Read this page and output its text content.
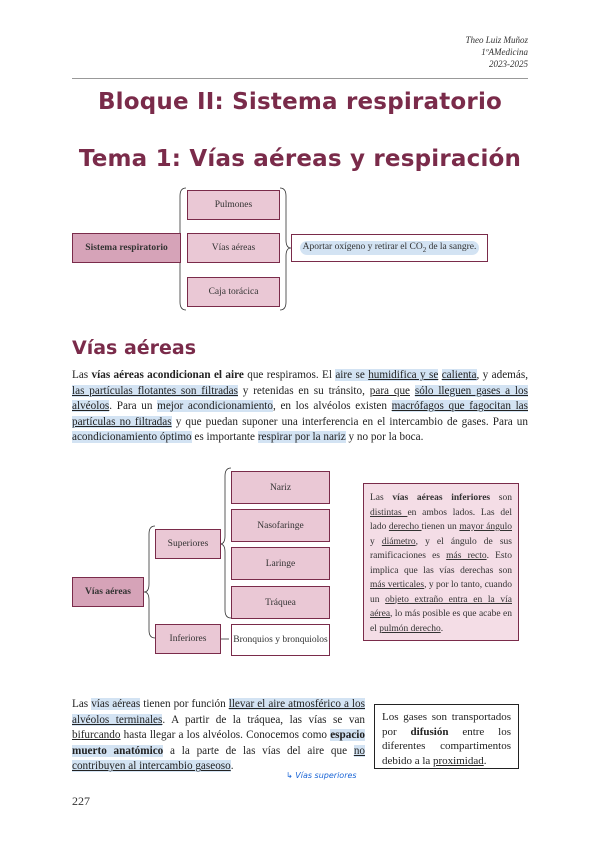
Theo Luiz Muñoz
1ºAMedicina
2023-2025
Bloque II: Sistema respiratorio
Tema 1: Vías aéreas y respiración
Sistema respiratorio
Pulmones
Vías aéreas
Caja torácica
Aportar oxígeno y retirar el $CO_2$ de la sangre.
Vías aéreas
Las vías aéreas acondicionan el aire que respiramos. El aire se humidifica y se calienta, y además, las partículas flotantes son filtradas y retenidas en su tránsito, para que sólo lleguen gases a los alvéolos. Para un mejor acondicionamiento, en los alvéolos existen macrófagos que fagocitan las partículas no filtradas y que puedan suponer una interferencia en el intercambio de gases. Para un acondicionamiento óptimo es importante respirar por la nariz y no por la boca.
Vías aéreas
Superiores
Inferiores
Nariz
Nasofaringe
Laringe
Tráquea
Bronquios y bronquiolos
Las vías aéreas inferiores son distintas en ambos lados. Las del lado derecho tienen un mayor ángulo y diámetro, y el ángulo de sus ramificaciones es más recto. Esto implica que las vías derechas son más verticales, y por lo tanto, cuando un objeto extraño entra en la vía aérea, lo más posible es que acabe en el pulmón derecho.
Las vías aéreas tienen por función llevar el aire atmosférico a los alvéolos terminales. A partir de la tráquea, las vías se van bifurcando hasta llegar a los alvéolos. Conocemos como espacio muerto anatómico a la parte de las vías del aire que no contribuyen al intercambio gaseoso.
↳ Vías superiores
Los gases son transportados por difusión entre los diferentes compartimentos debido a la proximidad.
227
